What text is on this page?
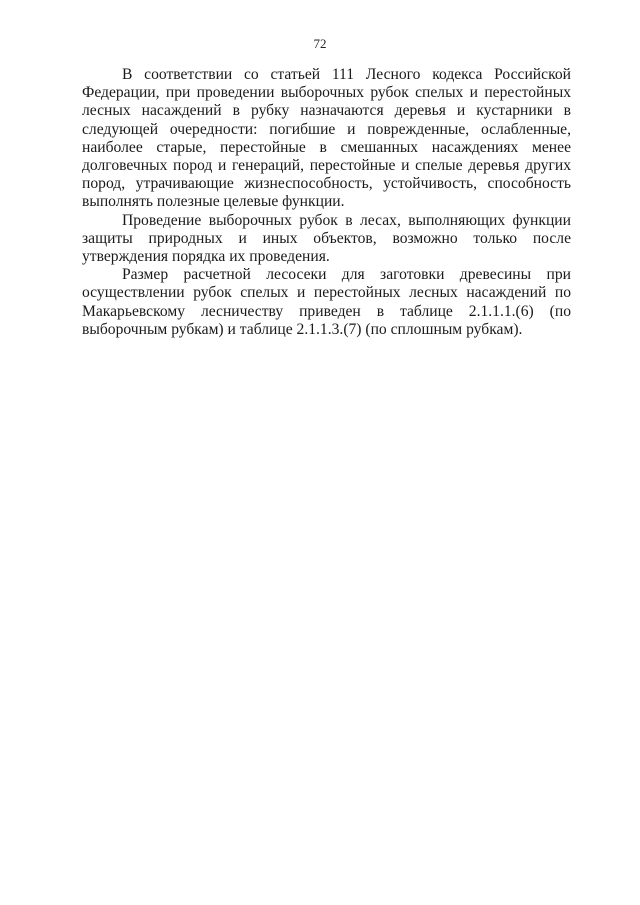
72

В соответствии со статьей 111 Лесного кодекса Российской Федерации, при проведении выборочных рубок спелых и перестойных лесных насаждений в рубку назначаются деревья и кустарники в следующей очередности: погибшие и поврежденные, ослабленные, наиболее старые, перестойные в смешанных насаждениях менее долговечных пород и генераций, перестойные и спелые деревья других пород, утрачивающие жизнеспособность, устойчивость, способность выполнять полезные целевые функции.

Проведение выборочных рубок в лесах, выполняющих функции защиты природных и иных объектов, возможно только после утверждения порядка их проведения.

Размер расчетной лесосеки для заготовки древесины при осуществлении рубок спелых и перестойных лесных насаждений по Макарьевскому лесничеству приведен в таблице 2.1.1.1.(6) (по выборочным рубкам) и таблице 2.1.1.3.(7) (по сплошным рубкам).
